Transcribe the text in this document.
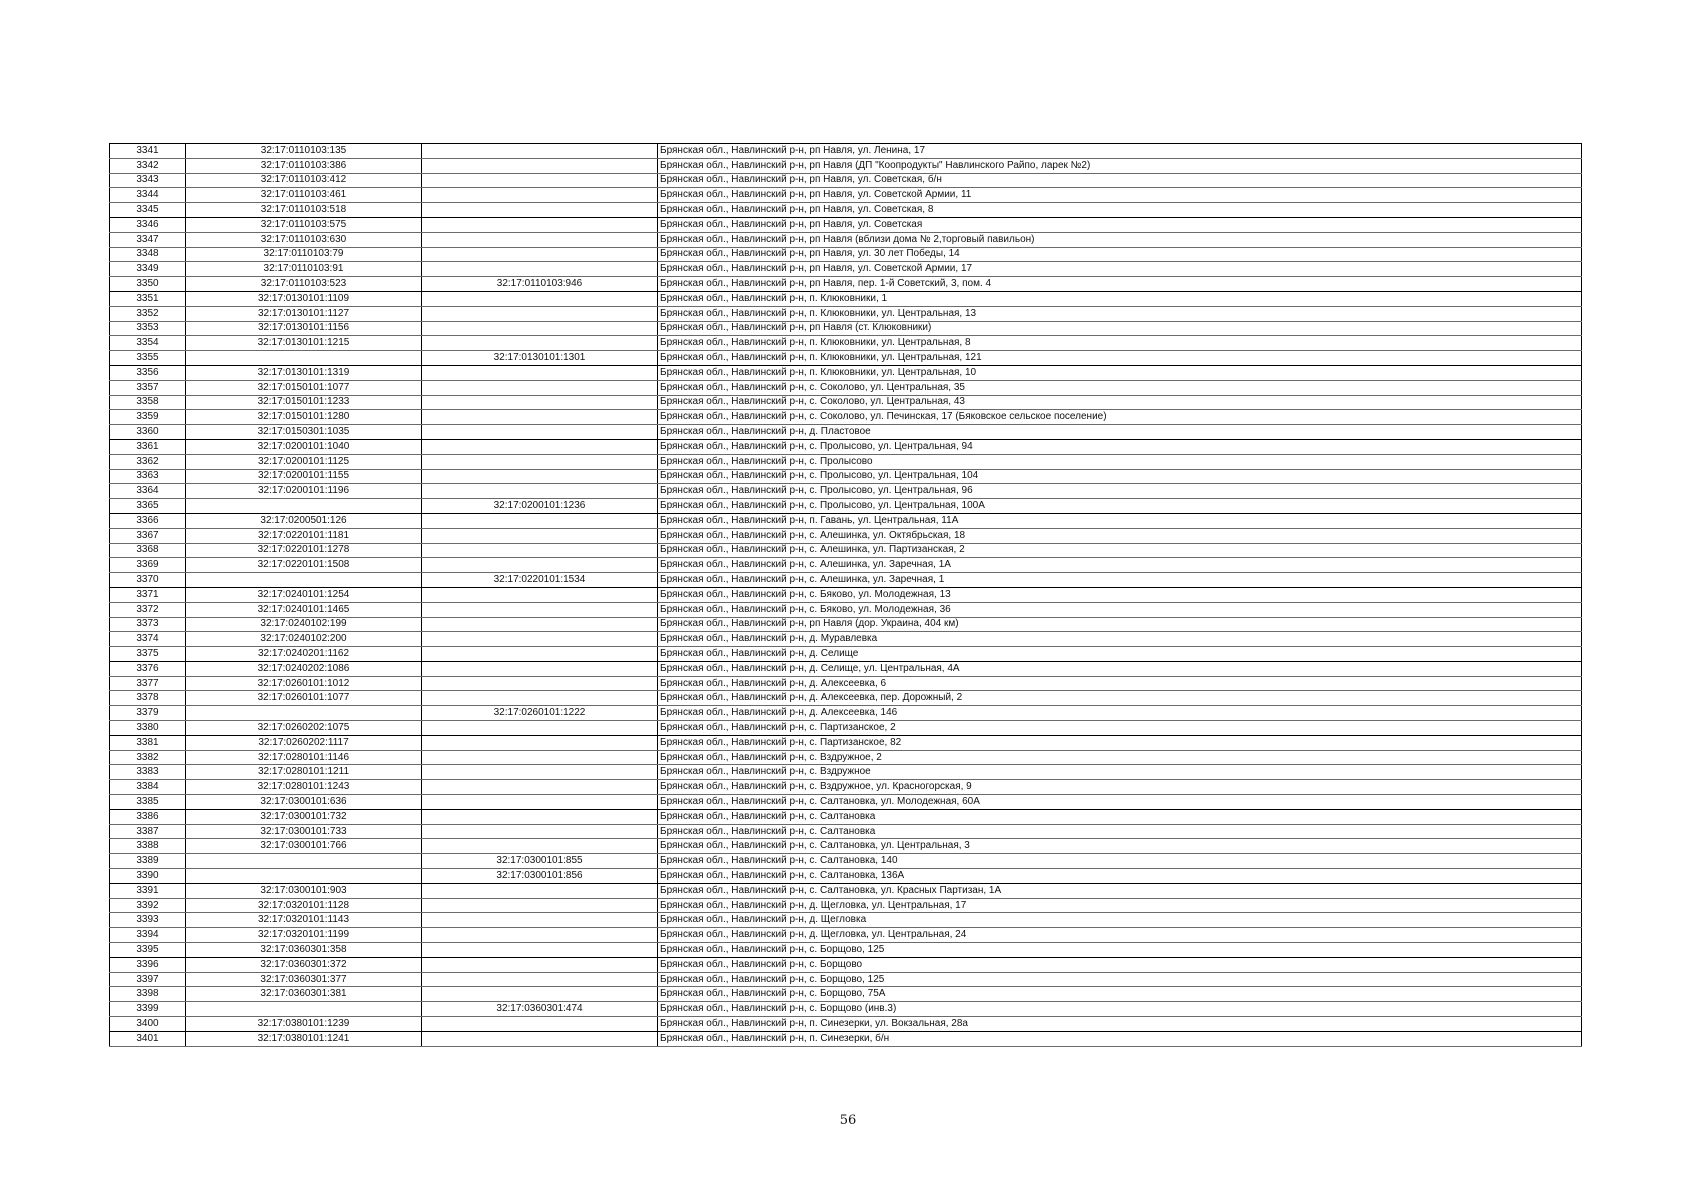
3341	32:17:0110103:135		Брянская обл., Навлинский р-н, рп Навля, ул. Ленина, 17
3342	32:17:0110103:386		Брянская обл., Навлинский р-н, рп Навля (ДП "Коопродукты" Навлинского Райпо, ларек №2)
3343	32:17:0110103:412		Брянская обл., Навлинский р-н, рп Навля, ул. Советская, б/н
3344	32:17:0110103:461		Брянская обл., Навлинский р-н, рп Навля, ул. Советской Армии, 11
3345	32:17:0110103:518		Брянская обл., Навлинский р-н, рп Навля, ул. Советская, 8
3346	32:17:0110103:575		Брянская обл., Навлинский р-н, рп Навля, ул. Советская
3347	32:17:0110103:630		Брянская обл., Навлинский р-н, рп Навля (вблизи дома № 2,торговый павильон)
3348	32:17:0110103:79		Брянская обл., Навлинский р-н, рп Навля, ул. 30 лет Победы, 14
3349	32:17:0110103:91		Брянская обл., Навлинский р-н, рп Навля, ул. Советской Армии, 17
3350	32:17:0110103:523	32:17:0110103:946	Брянская обл., Навлинский р-н, рп Навля, пер. 1-й Советский, 3, пом. 4
3351	32:17:0130101:1109		Брянская обл., Навлинский р-н, п. Клюковники, 1
3352	32:17:0130101:1127		Брянская обл., Навлинский р-н, п. Клюковники, ул. Центральная, 13
3353	32:17:0130101:1156		Брянская обл., Навлинский р-н, рп Навля (ст. Клюковники)
3354	32:17:0130101:1215		Брянская обл., Навлинский р-н, п. Клюковники, ул. Центральная, 8
3355		32:17:0130101:1301	Брянская обл., Навлинский р-н, п. Клюковники, ул. Центральная, 121
3356	32:17:0130101:1319		Брянская обл., Навлинский р-н, п. Клюковники, ул. Центральная, 10
3357	32:17:0150101:1077		Брянская обл., Навлинский р-н, с. Соколово, ул. Центральная, 35
3358	32:17:0150101:1233		Брянская обл., Навлинский р-н, с. Соколово, ул. Центральная, 43
3359	32:17:0150101:1280		Брянская обл., Навлинский р-н, с. Соколово, ул. Печинская, 17 (Бяковское сельское поселение)
3360	32:17:0150301:1035		Брянская обл., Навлинский р-н, д. Пластовое
3361	32:17:0200101:1040		Брянская обл., Навлинский р-н, с. Пролысово, ул. Центральная, 94
3362	32:17:0200101:1125		Брянская обл., Навлинский р-н, с. Пролысово
3363	32:17:0200101:1155		Брянская обл., Навлинский р-н, с. Пролысово, ул. Центральная, 104
3364	32:17:0200101:1196		Брянская обл., Навлинский р-н, с. Пролысово, ул. Центральная, 96
3365		32:17:0200101:1236	Брянская обл., Навлинский р-н, с. Пролысово, ул. Центральная, 100А
3366	32:17:0200501:126		Брянская обл., Навлинский р-н, п. Гавань, ул. Центральная, 11А
3367	32:17:0220101:1181		Брянская обл., Навлинский р-н, с. Алешинка, ул. Октябрьская, 18
3368	32:17:0220101:1278		Брянская обл., Навлинский р-н, с. Алешинка, ул. Партизанская, 2
3369	32:17:0220101:1508		Брянская обл., Навлинский р-н, с. Алешинка, ул. Заречная, 1А
3370		32:17:0220101:1534	Брянская обл., Навлинский р-н, с. Алешинка, ул. Заречная, 1
3371	32:17:0240101:1254		Брянская обл., Навлинский р-н, с. Бяково, ул. Молодежная, 13
3372	32:17:0240101:1465		Брянская обл., Навлинский р-н, с. Бяково, ул. Молодежная, 36
3373	32:17:0240102:199		Брянская обл., Навлинский р-н, рп Навля (дор. Украина, 404 км)
3374	32:17:0240102:200		Брянская обл., Навлинский р-н, д. Муравлевка
3375	32:17:0240201:1162		Брянская обл., Навлинский р-н, д. Селище
3376	32:17:0240202:1086		Брянская обл., Навлинский р-н, д. Селище, ул. Центральная, 4А
3377	32:17:0260101:1012		Брянская обл., Навлинский р-н, д. Алексеевка, 6
3378	32:17:0260101:1077		Брянская обл., Навлинский р-н, д. Алексеевка, пер. Дорожный, 2
3379		32:17:0260101:1222	Брянская обл., Навлинский р-н, д. Алексеевка, 146
3380	32:17:0260202:1075		Брянская обл., Навлинский р-н, с. Партизанское, 2
3381	32:17:0260202:1117		Брянская обл., Навлинский р-н, с. Партизанское, 82
3382	32:17:0280101:1146		Брянская обл., Навлинский р-н, с. Вздружное, 2
3383	32:17:0280101:1211		Брянская обл., Навлинский р-н, с. Вздружное
3384	32:17:0280101:1243		Брянская обл., Навлинский р-н, с. Вздружное, ул. Красногорская, 9
3385	32:17:0300101:636		Брянская обл., Навлинский р-н, с. Салтановка, ул. Молодежная, 60А
3386	32:17:0300101:732		Брянская обл., Навлинский р-н, с. Салтановка
3387	32:17:0300101:733		Брянская обл., Навлинский р-н, с. Салтановка
3388	32:17:0300101:766		Брянская обл., Навлинский р-н, с. Салтановка, ул. Центральная, 3
3389		32:17:0300101:855	Брянская обл., Навлинский р-н, с. Салтановка, 140
3390		32:17:0300101:856	Брянская обл., Навлинский р-н, с. Салтановка, 136А
3391	32:17:0300101:903		Брянская обл., Навлинский р-н, с. Салтановка, ул. Красных Партизан, 1А
3392	32:17:0320101:1128		Брянская обл., Навлинский р-н, д. Щегловка, ул. Центральная, 17
3393	32:17:0320101:1143		Брянская обл., Навлинский р-н, д. Щегловка
3394	32:17:0320101:1199		Брянская обл., Навлинский р-н, д. Щегловка, ул. Центральная, 24
3395	32:17:0360301:358		Брянская обл., Навлинский р-н, с. Борщово, 125
3396	32:17:0360301:372		Брянская обл., Навлинский р-н, с. Борщово
3397	32:17:0360301:377		Брянская обл., Навлинский р-н, с. Борщово, 125
3398	32:17:0360301:381		Брянская обл., Навлинский р-н, с. Борщово, 75А
3399		32:17:0360301:474	Брянская обл., Навлинский р-н, с. Борщово (инв.3)
3400	32:17:0380101:1239		Брянская обл., Навлинский р-н, п. Синезерки, ул. Вокзальная, 28а
3401	32:17:0380101:1241		Брянская обл., Навлинский р-н, п. Синезерки, б/н
56
